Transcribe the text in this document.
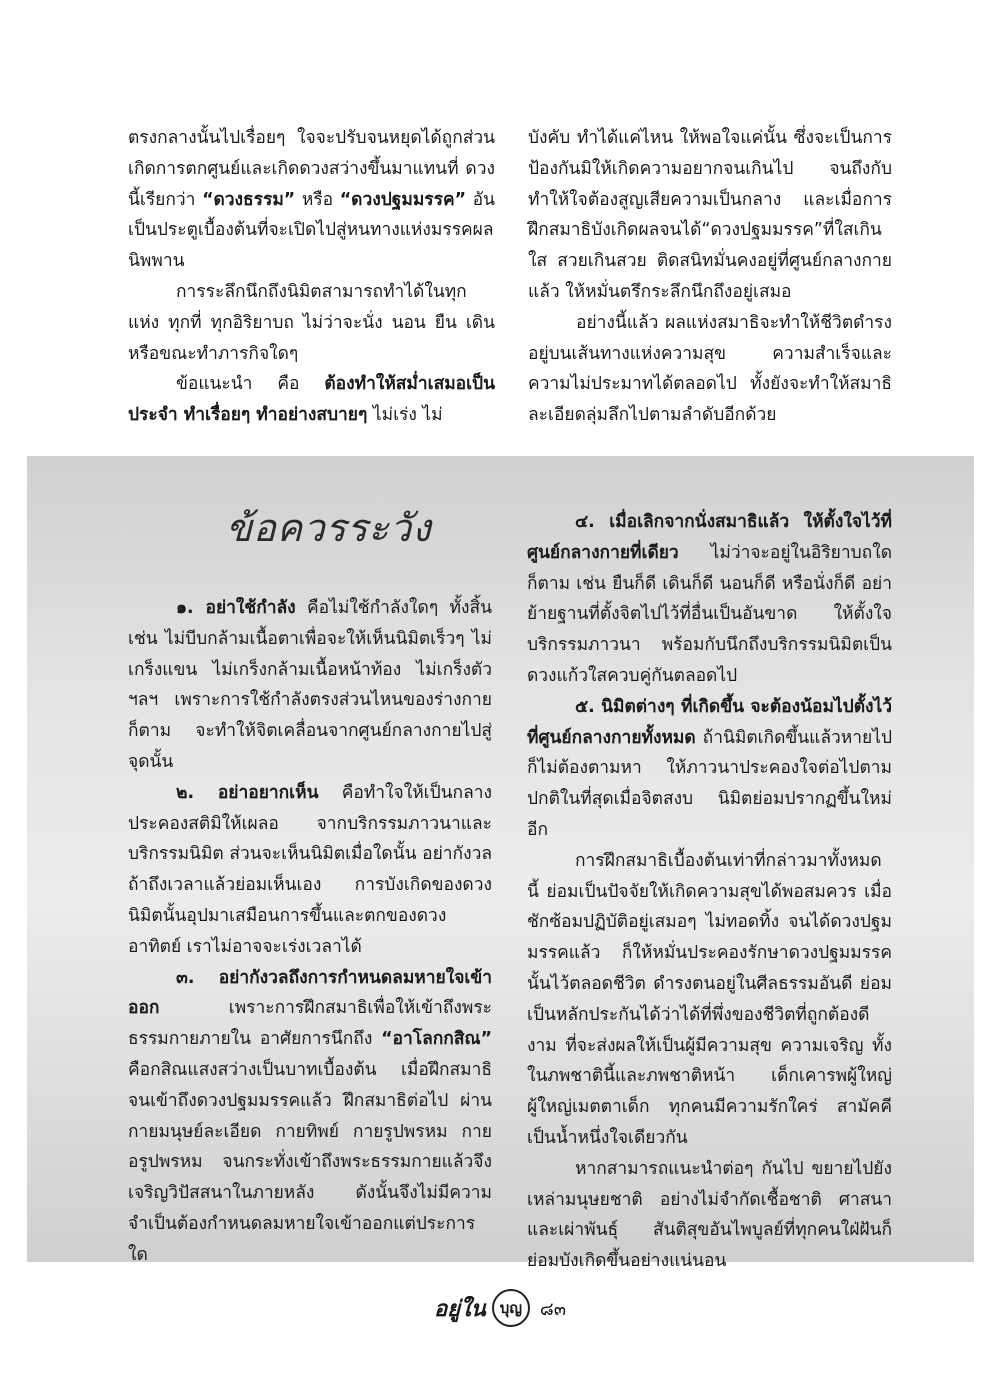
ตรงกลางนั้นไปเรื่อยๆ ใจจะปรับจนหยุดได้ถูกส่วน เกิดการตกศูนย์และเกิดดวงสว่างขึ้นมาแทนที่ ดวงนี้เรียกว่า “ดวงธรรม” หรือ “ดวงปฐมมรรค” อันเป็นประตูเบื้องต้นที่จะเปิดไปสู่หนทางแห่งมรรคผลนิพพาน

การระลึกนึกถึงนิมิตสามารถทำได้ในทุกแห่ง ทุกที่ ทุกอิริยาบถ ไม่ว่าจะนั่ง นอน ยืน เดิน หรือขณะทำภารกิจใดๆ

ข้อแนะนำ คือ ต้องทำให้สม่ำเสมอเป็นประจำ ทำเรื่อยๆ ทำอย่างสบายๆ ไม่เร่ง ไม่

บังคับ ทำได้แค่ไหน ให้พอใจแค่นั้น ซึ่งจะเป็นการป้องกันมิให้เกิดความอยากจนเกินไป จนถึงกับทำให้ใจต้องสูญเสียความเป็นกลาง และเมื่อการฝึกสมาธิบังเกิดผลจนได้“ดวงปฐมมรรค”ที่ใสเกินใส สวยเกินสวย ติดสนิทมั่นคงอยู่ที่ศูนย์กลางกายแล้ว ให้หมั่นตรึกระลึกนึกถึงอยู่เสมอ

อย่างนี้แล้ว ผลแห่งสมาธิจะทำให้ชีวิตดำรงอยู่บนเส้นทางแห่งความสุข ความสำเร็จและความไม่ประมาทได้ตลอดไป ทั้งยังจะทำให้สมาธิละเอียดลุ่มลึกไปตามลำดับอีกด้วย

ข้อควรระวัง

๑. อย่าใช้กำลัง คือไม่ใช้กำลังใดๆ ทั้งสิ้น เช่น ไม่บีบกล้ามเนื้อตาเพื่อจะให้เห็นนิมิตเร็วๆ ไม่เกร็งแขน ไม่เกร็งกล้ามเนื้อหน้าท้อง ไม่เกร็งตัว ฯลฯ เพราะการใช้กำลังตรงส่วนไหนของร่างกายก็ตาม จะทำให้จิตเคลื่อนจากศูนย์กลางกายไปสู่จุดนั้น

๒. อย่าอยากเห็น คือทำใจให้เป็นกลาง ประคองสติมิให้เผลอ จากบริกรรมภาวนาและบริกรรมนิมิต ส่วนจะเห็นนิมิตเมื่อใดนั้น อย่ากังวล ถ้าถึงเวลาแล้วย่อมเห็นเอง การบังเกิดของดวงนิมิตนั้นอุปมาเสมือนการขึ้นและตกของดวงอาทิตย์ เราไม่อาจจะเร่งเวลาได้

๓. อย่ากังวลถึงการกำหนดลมหายใจเข้าออก เพราะการฝึกสมาธิเพื่อให้เข้าถึงพระธรรมกายภายใน อาศัยการนึกถึง “อาโลกกสิณ” คือกสิณแสงสว่างเป็นบาทเบื้องต้น เมื่อฝึกสมาธิจนเข้าถึงดวงปฐมมรรคแล้ว ฝึกสมาธิต่อไป ผ่านกายมนุษย์ละเอียด กายทิพย์ กายรูปพรหม กายอรูปพรหม จนกระทั่งเข้าถึงพระธรรมกายแล้วจึงเจริญวิปัสสนาในภายหลัง ดังนั้นจึงไม่มีความจำเป็นต้องกำหนดลมหายใจเข้าออกแต่ประการใด

๔. เมื่อเลิกจากนั่งสมาธิแล้ว ให้ตั้งใจไว้ที่ศูนย์กลางกายที่เดียว ไม่ว่าจะอยู่ในอิริยาบถใดก็ตาม เช่น ยืนก็ดี เดินก็ดี นอนก็ดี หรือนั่งก็ดี อย่าย้ายฐานที่ตั้งจิตไปไว้ที่อื่นเป็นอันขาด ให้ตั้งใจบริกรรมภาวนา พร้อมกับนึกถึงบริกรรมนิมิตเป็นดวงแก้วใสควบคู่กันตลอดไป

๕. นิมิตต่างๆ ที่เกิดขึ้น จะต้องน้อมไปตั้งไว้ที่ศูนย์กลางกายทั้งหมด ถ้านิมิตเกิดขึ้นแล้วหายไปก็ไม่ต้องตามหา ให้ภาวนาประคองใจต่อไปตามปกติในที่สุดเมื่อจิตสงบ นิมิตย่อมปรากฏขึ้นใหม่อีก

การฝึกสมาธิเบื้องต้นเท่าที่กล่าวมาทั้งหมดนี้ ย่อมเป็นปัจจัยให้เกิดความสุขได้พอสมควร เมื่อชักซ้อมปฏิบัติอยู่เสมอๆ ไม่ทอดทิ้ง จนได้ดวงปฐมมรรคแล้ว ก็ให้หมั่นประคองรักษาดวงปฐมมรรคนั้นไว้ตลอดชีวิต ดำรงตนอยู่ในศีลธรรมอันดี ย่อมเป็นหลักประกันได้ว่าได้ที่พึ่งของชีวิตที่ถูกต้องดีงาม ที่จะส่งผลให้เป็นผู้มีความสุข ความเจริญ ทั้งในภพชาตินี้และภพชาติหน้า เด็กเคารพผู้ใหญ่ ผู้ใหญ่เมตตาเด็ก ทุกคนมีความรักใคร่ สามัคคีเป็นน้ำหนึ่งใจเดียวกัน

หากสามารถแนะนำต่อๆ กันไป ขยายไปยังเหล่ามนุษยชาติ อย่างไม่จำกัดเชื้อชาติ ศาสนา และเผ่าพันธุ์ สันติสุขอันไพบูลย์ที่ทุกคนใฝ่ฝันก็ย่อมบังเกิดขึ้นอย่างแน่นอน

อยู่ใน บุญ ๘๓
